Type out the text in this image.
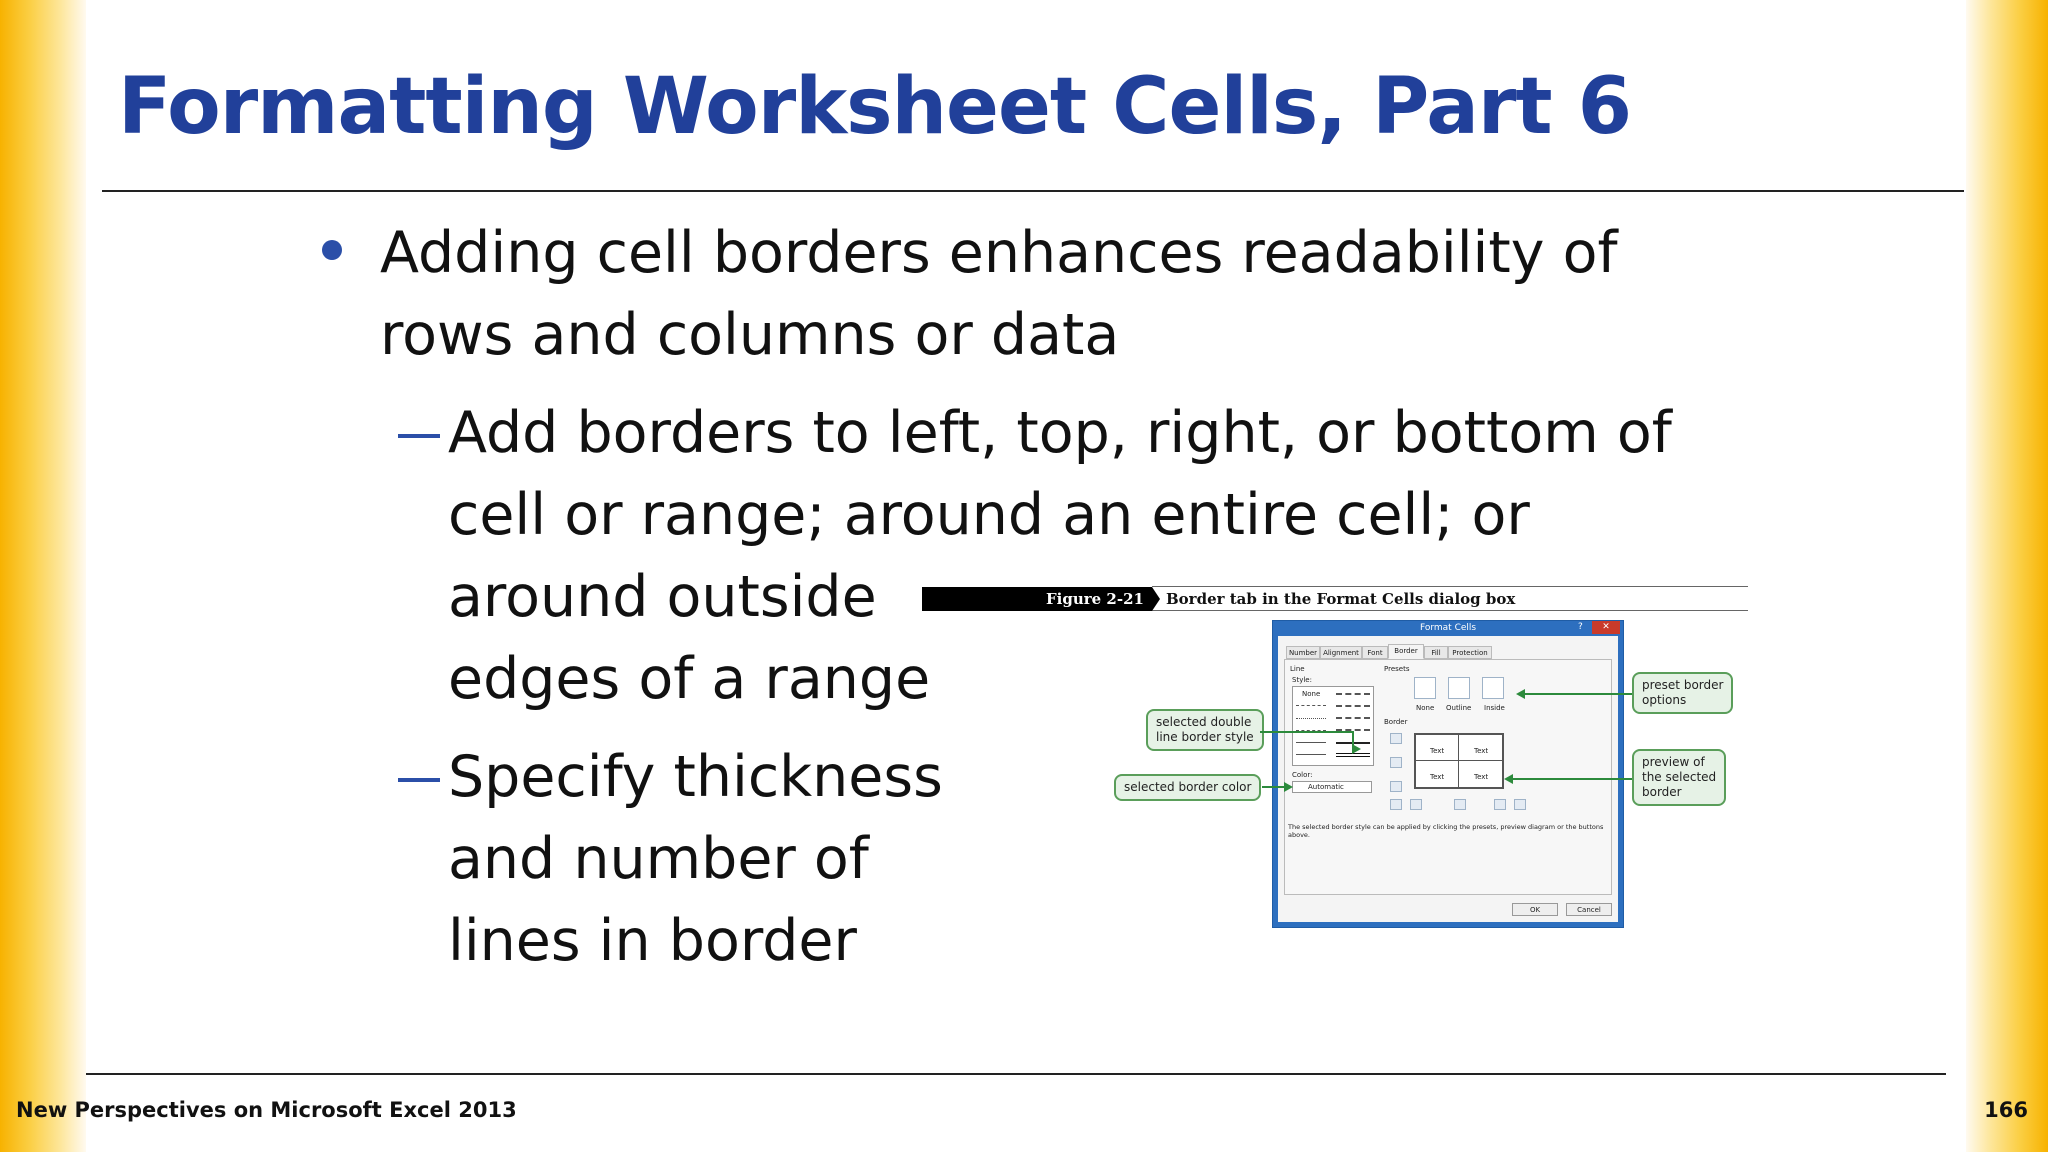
Formatting Worksheet Cells, Part 6
Adding cell borders enhances readability of
rows and columns or data
Add borders to left, top, right, or bottom of
cell or range; around an entire cell; or
around outside
edges of a range
Specify thickness
and number of
lines in border
Figure 2-21 Border tab in the Format Cells dialog box
Format Cells	?	✕
Number Alignment	Font	Border	Fill	Protection
Line
Style:
None
Color:
Automatic
Presets
None Outline Inside
Border
Text	Text
Text	Text
The selected border style can be applied by clicking the presets, preview diagram or the buttons above.
OK	Cancel
selected double
line border style
selected border color
preset border
options
preview of
the selected
border
New Perspectives on Microsoft Excel 2013	166
